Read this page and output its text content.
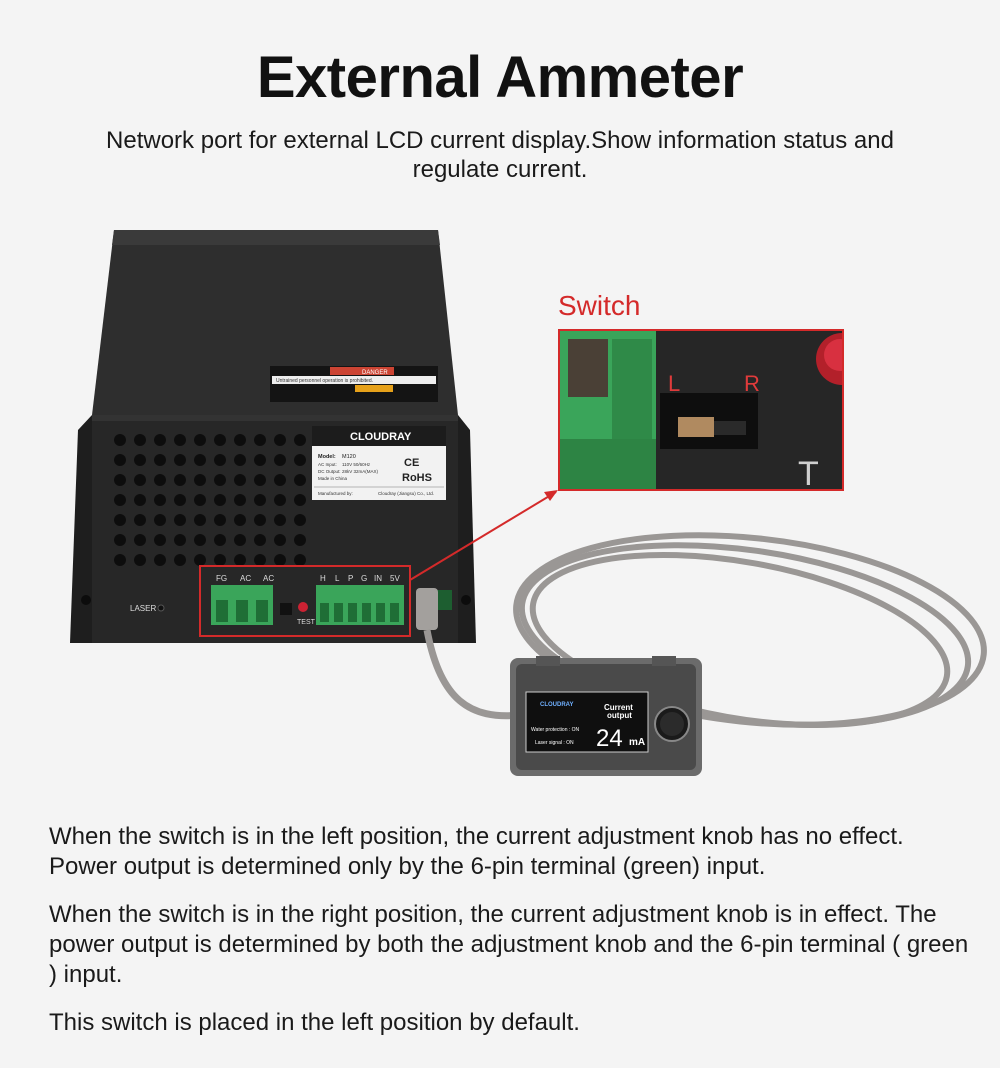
External Ammeter
Network port for external LCD current display.Show information status and regulate current.
DANGER
Untrained personnel operation is prohibited.
CLOUDRAY
Model: M120
AC Input: 110V 50/60Hz
DC Output: 28kV 32mA(MAX)
Made in China
CE
RoHS
Manufactured by:	Cloudray (Jiangsu) Co., Ltd.
LASER
FG AC AC
TEST
H L P G IN 5V
CLOUDRAY	Current
output
Water protection : ON
Laser signal : ON 24 mA
Switch
L	R
T
When the switch is in the left position, the current adjustment knob has no effect. Power output is determined only by the 6-pin terminal (green) input.
When the switch is in the right position, the current adjustment knob is in effect. The power output is determined by both the adjustment knob and the 6-pin terminal ( green ) input.
This switch is placed in the left position by default.
